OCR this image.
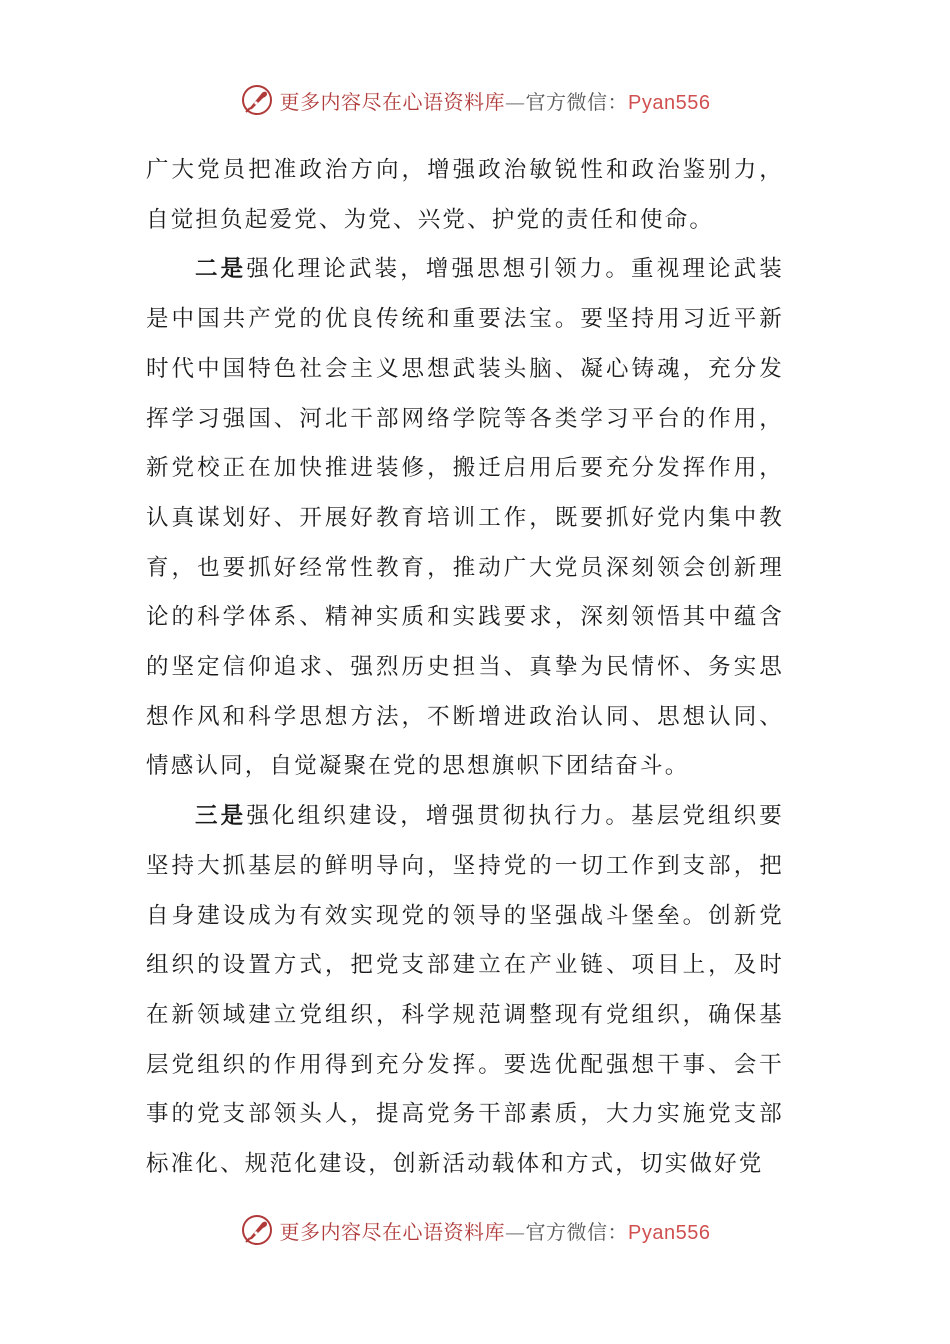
更多内容尽在心语资料库—官方微信：Pyan556

广大党员把准政治方向，增强政治敏锐性和政治鉴别力，自觉担负起爱党、为党、兴党、护党的责任和使命。

二是强化理论武装，增强思想引领力。重视理论武装是中国共产党的优良传统和重要法宝。要坚持用习近平新时代中国特色社会主义思想武装头脑、凝心铸魂，充分发挥学习强国、河北干部网络学院等各类学习平台的作用，新党校正在加快推进装修，搬迁启用后要充分发挥作用，认真谋划好、开展好教育培训工作，既要抓好党内集中教育，也要抓好经常性教育，推动广大党员深刻领会创新理论的科学体系、精神实质和实践要求，深刻领悟其中蕴含的坚定信仰追求、强烈历史担当、真挚为民情怀、务实思想作风和科学思想方法，不断增进政治认同、思想认同、情感认同，自觉凝聚在党的思想旗帜下团结奋斗。

三是强化组织建设，增强贯彻执行力。基层党组织要坚持大抓基层的鲜明导向，坚持党的一切工作到支部，把自身建设成为有效实现党的领导的坚强战斗堡垒。创新党组织的设置方式，把党支部建立在产业链、项目上，及时在新领域建立党组织，科学规范调整现有党组织，确保基层党组织的作用得到充分发挥。要选优配强想干事、会干事的党支部领头人，提高党务干部素质，大力实施党支部标准化、规范化建设，创新活动载体和方式，切实做好党

更多内容尽在心语资料库—官方微信：Pyan556
